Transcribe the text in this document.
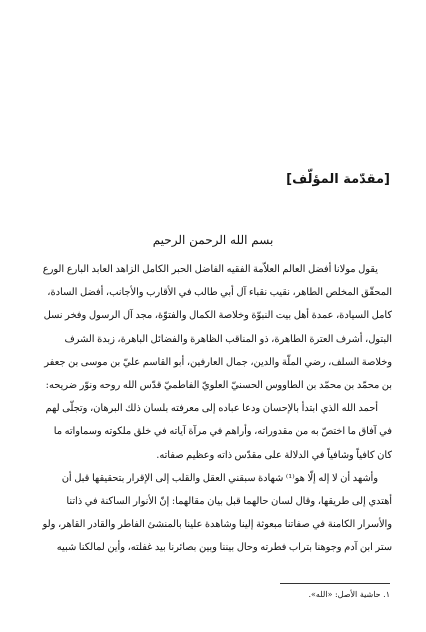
[مقدّمة المؤلّف]

بسم الله الرحمن الرحيم

يقول مولانا أفضل العالم العلاّمة الفقيه الفاضل الحبر الكامل الزاهد العابد البارع الورع

المحقّق المخلص الطاهر، نقيب نقباء آل أبي طالب في الأقارب والأجانب، أفضل السادة،

كامل السيادة، عمدة أهل بيت النبوّة وخلاصة الكمال والفتوّة، مجد آل الرسول وفخر نسل

البتول، أشرف العترة الطاهرة، ذو المناقب الظاهرة والفضائل الباهرة، زبدة الشرف

وخلاصة السلف، رضي الملّة والدين، جمال العارفين، أبو القاسم عليّ بن موسى بن جعفر

بن محمّد بن محمّد بن الطاووس الحسنيّ العلويّ الفاطميّ قدّس الله روحه ونوّر ضريحه:

أحمد الله الذي ابتدأ بالإحسان ودعا عباده إلى معرفته بلسان ذلك البرهان، وتجلّى لهم

في آفاق ما اختصّ به من مقدوراته، وأراهم في مرآة آياته في خلق ملكوته وسماواته ما

كان كافياً وشافياً في الدلالة على مقدّس ذاته وعظيم صفاته.

وأشهد أن لا إله إلّا هو⁽¹⁾ شهادة سبقني العقل والقلب إلى الإقرار بتحقيقها قبل أن

أهتدي إلى طريقها، وقال لسان حالهما قبل بيان مقالهما: إنّ الأنوار الساكنة في ذاتنا

والأسرار الكامنة في صفاتنا مبعوثة إلينا وشاهدة علينا بالمنشئ الفاطر والقادر القاهر، ولو

ستر ابن آدم وجوهنا بتراب فطرته وحال بيننا وبين بصائرنا بيد غفلته، وأين لمالكنا شبيه

١. حاشية الأصل: «الله».
